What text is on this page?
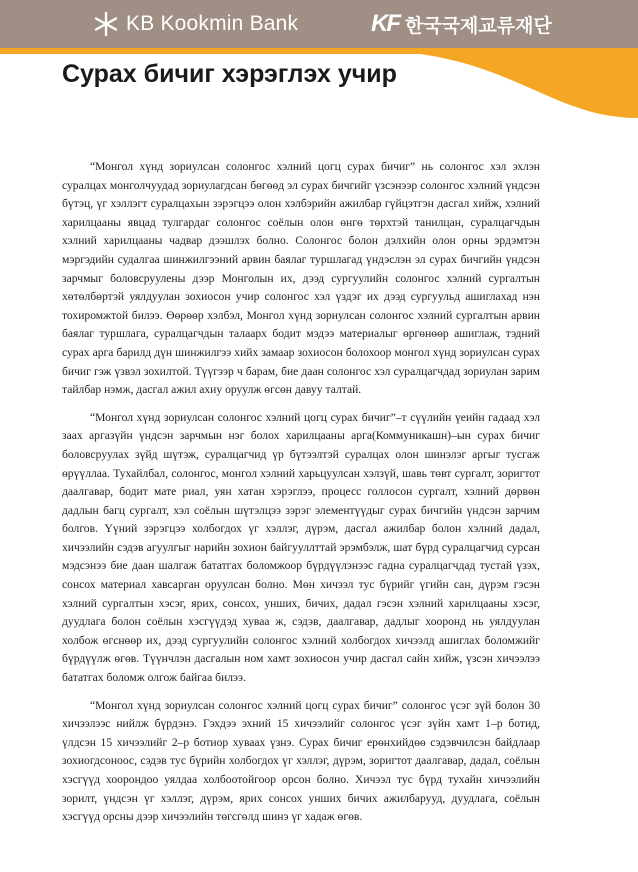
KB Kookmin Bank	KF 한국국제교류재단
Сурах бичиг хэрэглэх учир

“Монгол хүнд зориулсан солонгос хэлний цогц сурах бичиг” нь солонгос хэл эхлэн суралцах монголчуудад зориулагдсан бөгөөд эл сурах бичгийг үзсэнээр солонгос хэлний үндсэн бүтэц, үг хэллэгт суралцахын зэрэгцээ олон хэлбэрийн ажилбар гүйцэтгэн дасгал хийж, хэлний харилцааны явцад тулгардаг солонгос соёлын олон өнгө төрхтэй танилцан, суралцагчдын хэлний харилцааны чадвар дээшлэх болно. Солонгос болон дэлхийн олон орны эрдэмтэн мэргэдийн судалгаа шинжилгээний арвин баялаг туршлагад үндэслэн эл сурах бичгийн үндсэн зарчмыг боловсруулены дээр Монголын их, дээд сургуулийн солонгос хэлний сургалтын хөтөлбөртэй уялдуулан зохиосон учир солонгос хэл үздэг их дээд сургуульд ашиглахад нэн тохиромжтой билээ. Өөрөөр хэлбэл, Монгол хүнд зориулсан солонгос хэлний сургалтын арвин баялаг туршлага, суралцагчдын талаарх бодит мэдээ материалыг өргөнөөр ашиглаж, тэдний сурах арга барилд дүн шинжилгээ хийх замаар зохиосон болохоор монгол хүнд зориулсан сурах бичиг гэж үзвэл зохилтой. Түүгээр ч барам, бие даан солонгос хэл суралцагчдад зориулан зарим тайлбар нэмж, дасгал ажил ахиу оруулж өгсөн давуу талтай.

“Монгол хүнд зориулсан солонгос хэлний цогц сурах бичиг”–т сүүлийн үеийн гадаад хэл заах аргазүйн үндсэн зарчмын нэг болох харилцааны арга(Коммуникашн)–ын сурах бичиг боловсруулах зүйд шүтэж, суралцагчид үр бүтээлтэй суралцах олон шинэлэг аргыг тусгаж өрүүллаа. Тухайлбал, солонгос, монгол хэлний харьцуулсан хэлзүй, шавь төвт сургалт, зоригтот даалгавар, бодит мате риал, уян хатан хэрэглээ, процесс голлосон сургалт, хэлний дөрвөн дадлын багц сургалт, хэл соёлын шүтэлцээ зэрэг элементүүдыг сурах бичгийн үндсэн зарчим болгов. Үүний зэрэгцээ холбогдох үг хэллэг, дүрэм, дасгал ажилбар болон хэлний дадал, хичээлийн сэдэв агуулгыг нарийн зохион байгууллттай эрэмбэлж, шат бүрд суралцагчид сурсан мэдсэнээ бие даан шалгаж бататгах боломжоор бүрдүүлэнээс гадна суралцагчдад тустай үзэх, сонсох материал хавсарган оруулсан болно. Мөн хичээл тус бүрийг үгийн сан, дүрэм гэсэн хэлний сургалтын хэсэг, ярих, сонсох, унших, бичих, дадал гэсэн хэлний харилцааны хэсэг, дуудлага болон соёлын хэсгүүдэд хуваа ж, сэдэв, даалгавар, дадлыг хооронд нь уялдуулан холбож өгснөөр их, дээд сургуулийн солонгос хэлний холбогдох хичээлд ашиглах боломжийг бүрдүүлж өгөв. Түүнчлэн дасгалын ном хамт зохиосон учир дасгал сайн хийж, үзсэн хичээлээ бататгах боломж олгож байгаа билээ.

“Монгол хүнд зориулсан солонгос хэлний цогц сурах бичиг” солонгос үсэг зүй болон 30 хичээлээс нийлж бүрдэнэ. Гэхдээ эхний 15 хичээлийг солонгос үсэг зүйн хамт 1–р ботид, үлдсэн 15 хичээлийг 2–р ботиор хуваах үзнэ. Сурах бичиг ерөнхийдөө сэдэвчилсэн байдлаар зохиогдсоноос, сэдэв тус бүрийн холбогдох үг хэллэг, дүрэм, зоригтот даалгавар, дадал, соёлын хэсгүүд хоорондоо уялдаа холбоотойгоор орсон болно. Хичээл тус бүрд тухайн хичээлийн зорилт, үндсэн үг хэллэг, дүрэм, ярих сонсох унших бичих ажилбарууд, дуудлага, соёлын хэсгүүд орсны дээр хичээлийн төгсгөлд шинэ үг хадаж өгөв.
